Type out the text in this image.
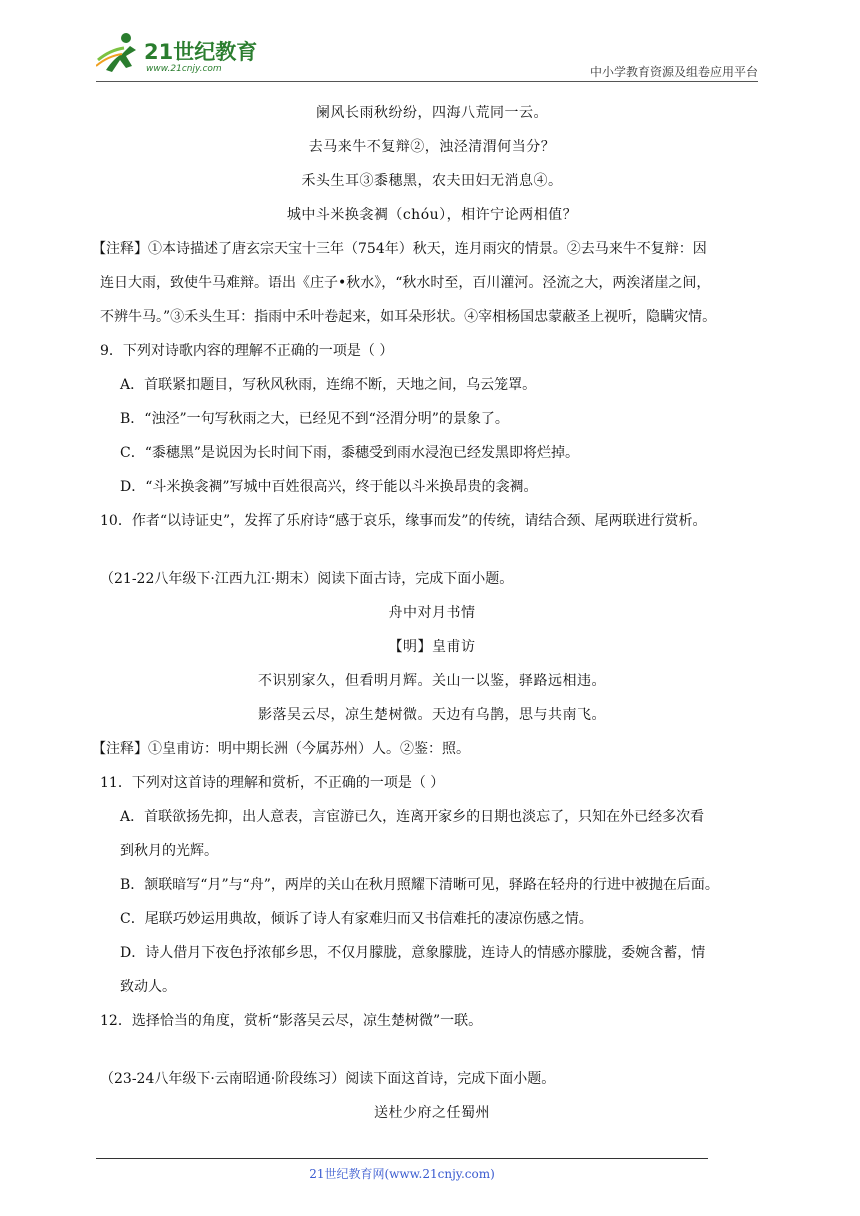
21世纪教育
www.21cnjy.com	中小学教育资源及组卷应用平台
阑风长雨秋纷纷，四海八荒同一云。
去马来牛不复辩②，浊泾清渭何当分？
禾头生耳③黍穗黑，农夫田妇无消息④。
城中斗米换衾裯（chóu），相许宁论两相值？
【注释】①本诗描述了唐玄宗天宝十三年（754年）秋天，连月雨灾的情景。②去马来牛不复辩：因
连日大雨，致使牛马难辩。语出《庄子•秋水》，“秋水时至，百川灌河。泾流之大，两涘渚崖之间，
不辨牛马。”③禾头生耳：指雨中禾叶卷起来，如耳朵形状。④宰相杨国忠蒙蔽圣上视听，隐瞒灾情。
9．下列对诗歌内容的理解不正确的一项是（ ）
A．首联紧扣题目，写秋风秋雨，连绵不断，天地之间，乌云笼罩。
B．“浊泾”一句写秋雨之大，已经见不到“泾渭分明”的景象了。
C．“黍穗黑”是说因为长时间下雨，黍穗受到雨水浸泡已经发黑即将烂掉。
D．“斗米换衾裯”写城中百姓很高兴，终于能以斗米换昂贵的衾裯。
10．作者“以诗证史”，发挥了乐府诗“感于哀乐，缘事而发”的传统，请结合颈、尾两联进行赏析。
（21-22八年级下·江西九江·期末）阅读下面古诗，完成下面小题。
舟中对月书情
【明】皇甫访
不识别家久，但看明月辉。关山一以鉴，驿路远相违。
影落吴云尽，凉生楚树微。天边有乌鹊，思与共南飞。
【注释】①皇甫访：明中期长洲（今属苏州）人。②鉴：照。
11．下列对这首诗的理解和赏析，不正确的一项是（ ）
A．首联欲扬先抑，出人意表，言宦游已久，连离开家乡的日期也淡忘了，只知在外已经多次看
到秋月的光辉。
B．颔联暗写“月”与“舟”，两岸的关山在秋月照耀下清晰可见，驿路在轻舟的行进中被抛在后面。
C．尾联巧妙运用典故，倾诉了诗人有家难归而又书信难托的凄凉伤感之情。
D．诗人借月下夜色抒浓郁乡思，不仅月朦胧，意象朦胧，连诗人的情感亦朦胧，委婉含蓄，情
致动人。
12．选择恰当的角度，赏析“影落吴云尽，凉生楚树微”一联。
（23-24八年级下·云南昭通·阶段练习）阅读下面这首诗，完成下面小题。
送杜少府之任蜀州
21世纪教育网(www.21cnjy.com)
